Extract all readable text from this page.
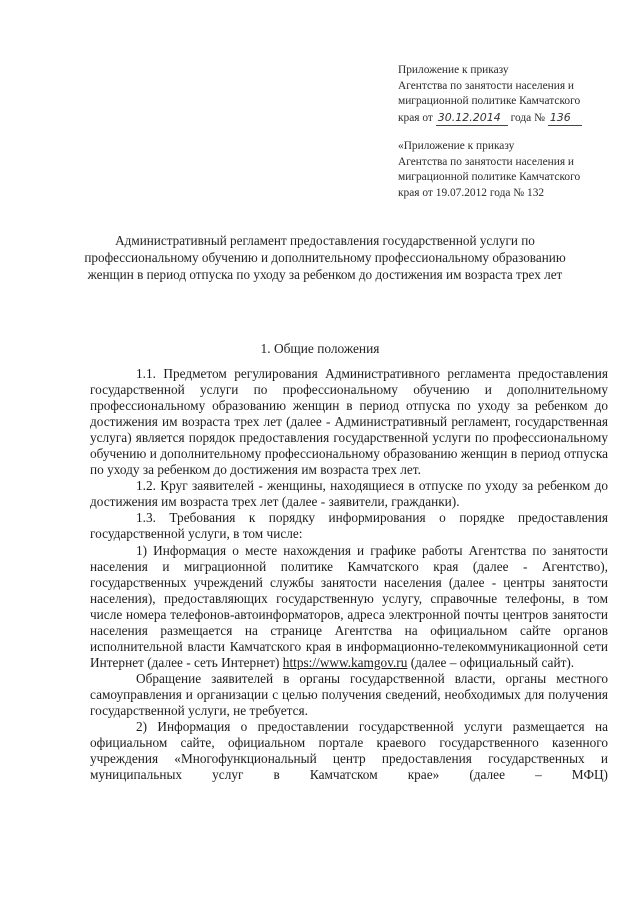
Приложение к приказу
Агентства по занятости населения и
миграционной политике Камчатского
края от 30.12.2014 года № 136
«Приложение к приказу
Агентства по занятости населения и
миграционной политике Камчатского
края от 19.07.2012 года № 132
Административный регламент предоставления государственной услуги по профессиональному обучению и дополнительному профессиональному образованию женщин в период отпуска по уходу за ребенком до достижения им возраста трех лет
1. Общие положения

1.1. Предметом регулирования Административного регламента предоставления государственной услуги по профессиональному обучению и дополнительному профессиональному образованию женщин в период отпуска по уходу за ребенком до достижения им возраста трех лет (далее - Административный регламент, государственная услуга) является порядок предоставления государственной услуги по профессиональному обучению и дополнительному профессиональному образованию женщин в период отпуска по уходу за ребенком до достижения им возраста трех лет.

1.2. Круг заявителей - женщины, находящиеся в отпуске по уходу за ребенком до достижения им возраста трех лет (далее - заявители, гражданки).

1.3. Требования к порядку информирования о порядке предоставления государственной услуги, в том числе:

1) Информация о месте нахождения и графике работы Агентства по занятости населения и миграционной политике Камчатского края (далее - Агентство), государственных учреждений службы занятости населения (далее - центры занятости населения), предоставляющих государственную услугу, справочные телефоны, в том числе номера телефонов-автоинформаторов, адреса электронной почты центров занятости населения размещается на странице Агентства на официальном сайте органов исполнительной власти Камчатского края в информационно-телекоммуникационной сети Интернет (далее - сеть Интернет) https://www.kamgov.ru (далее – официальный сайт).

Обращение заявителей в органы государственной власти, органы местного самоуправления и организации с целью получения сведений, необходимых для получения государственной услуги, не требуется.

2) Информация о предоставлении государственной услуги размещается на официальном сайте, официальном портале краевого государственного казенного учреждения «Многофункциональный центр предоставления государственных и муниципальных услуг в Камчатском крае» (далее – МФЦ)
